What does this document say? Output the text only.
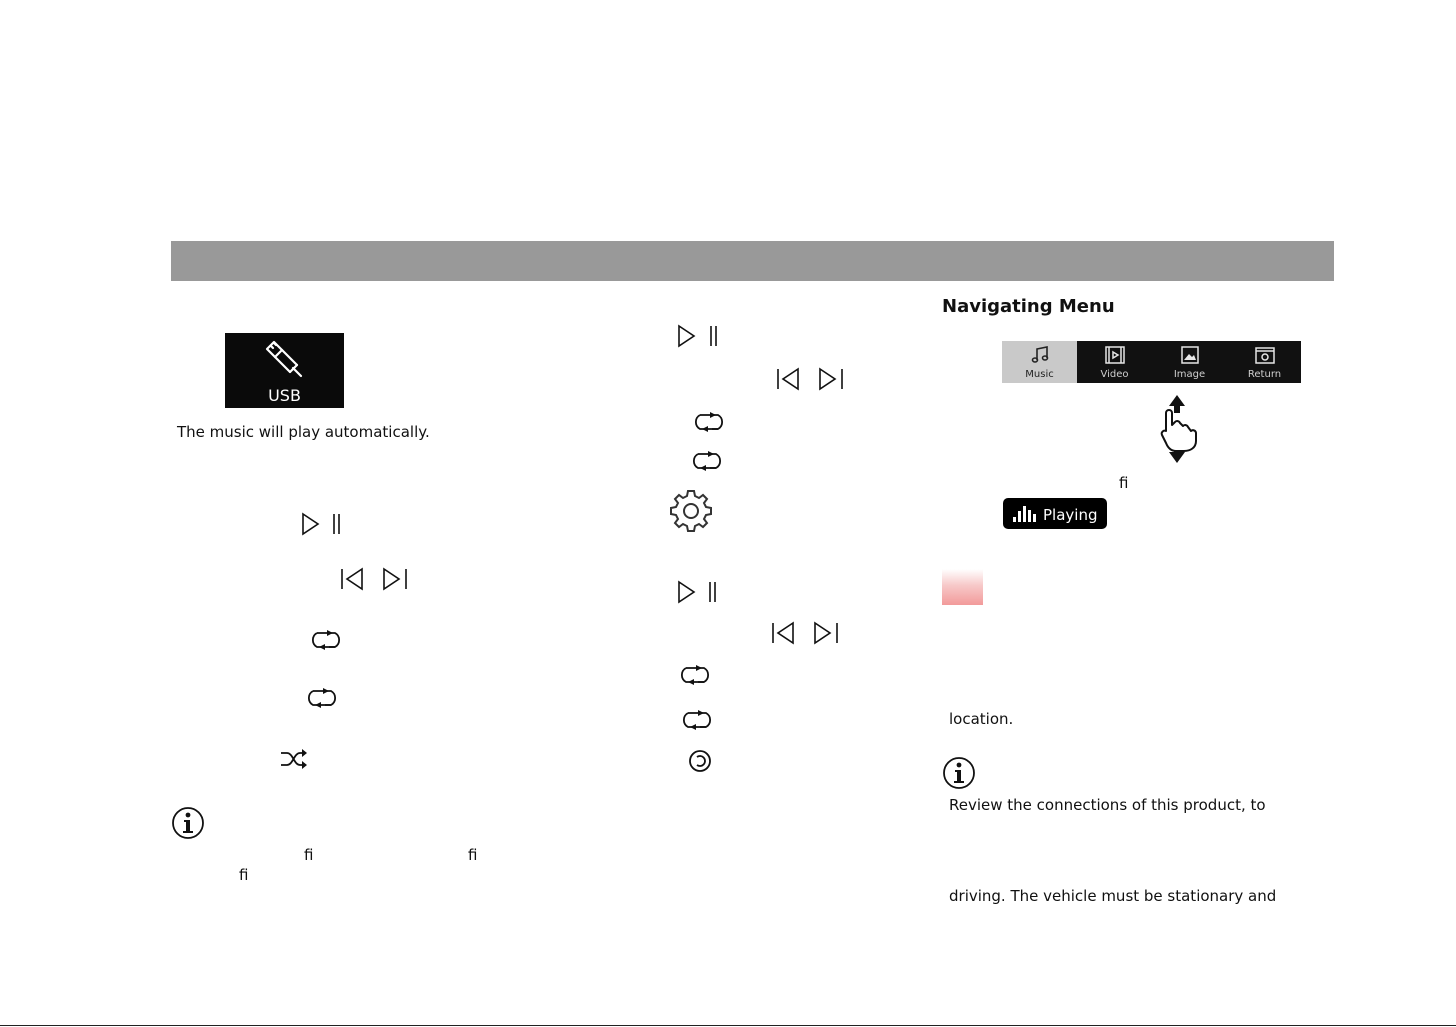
USB
The music will play automatically.
ﬁ	ﬁ
ﬁ
Navigating Menu
Music	Video	Image	Return
ﬁ
Playing
location.
Review the connections of this product, to
driving. The vehicle must be stationary and
